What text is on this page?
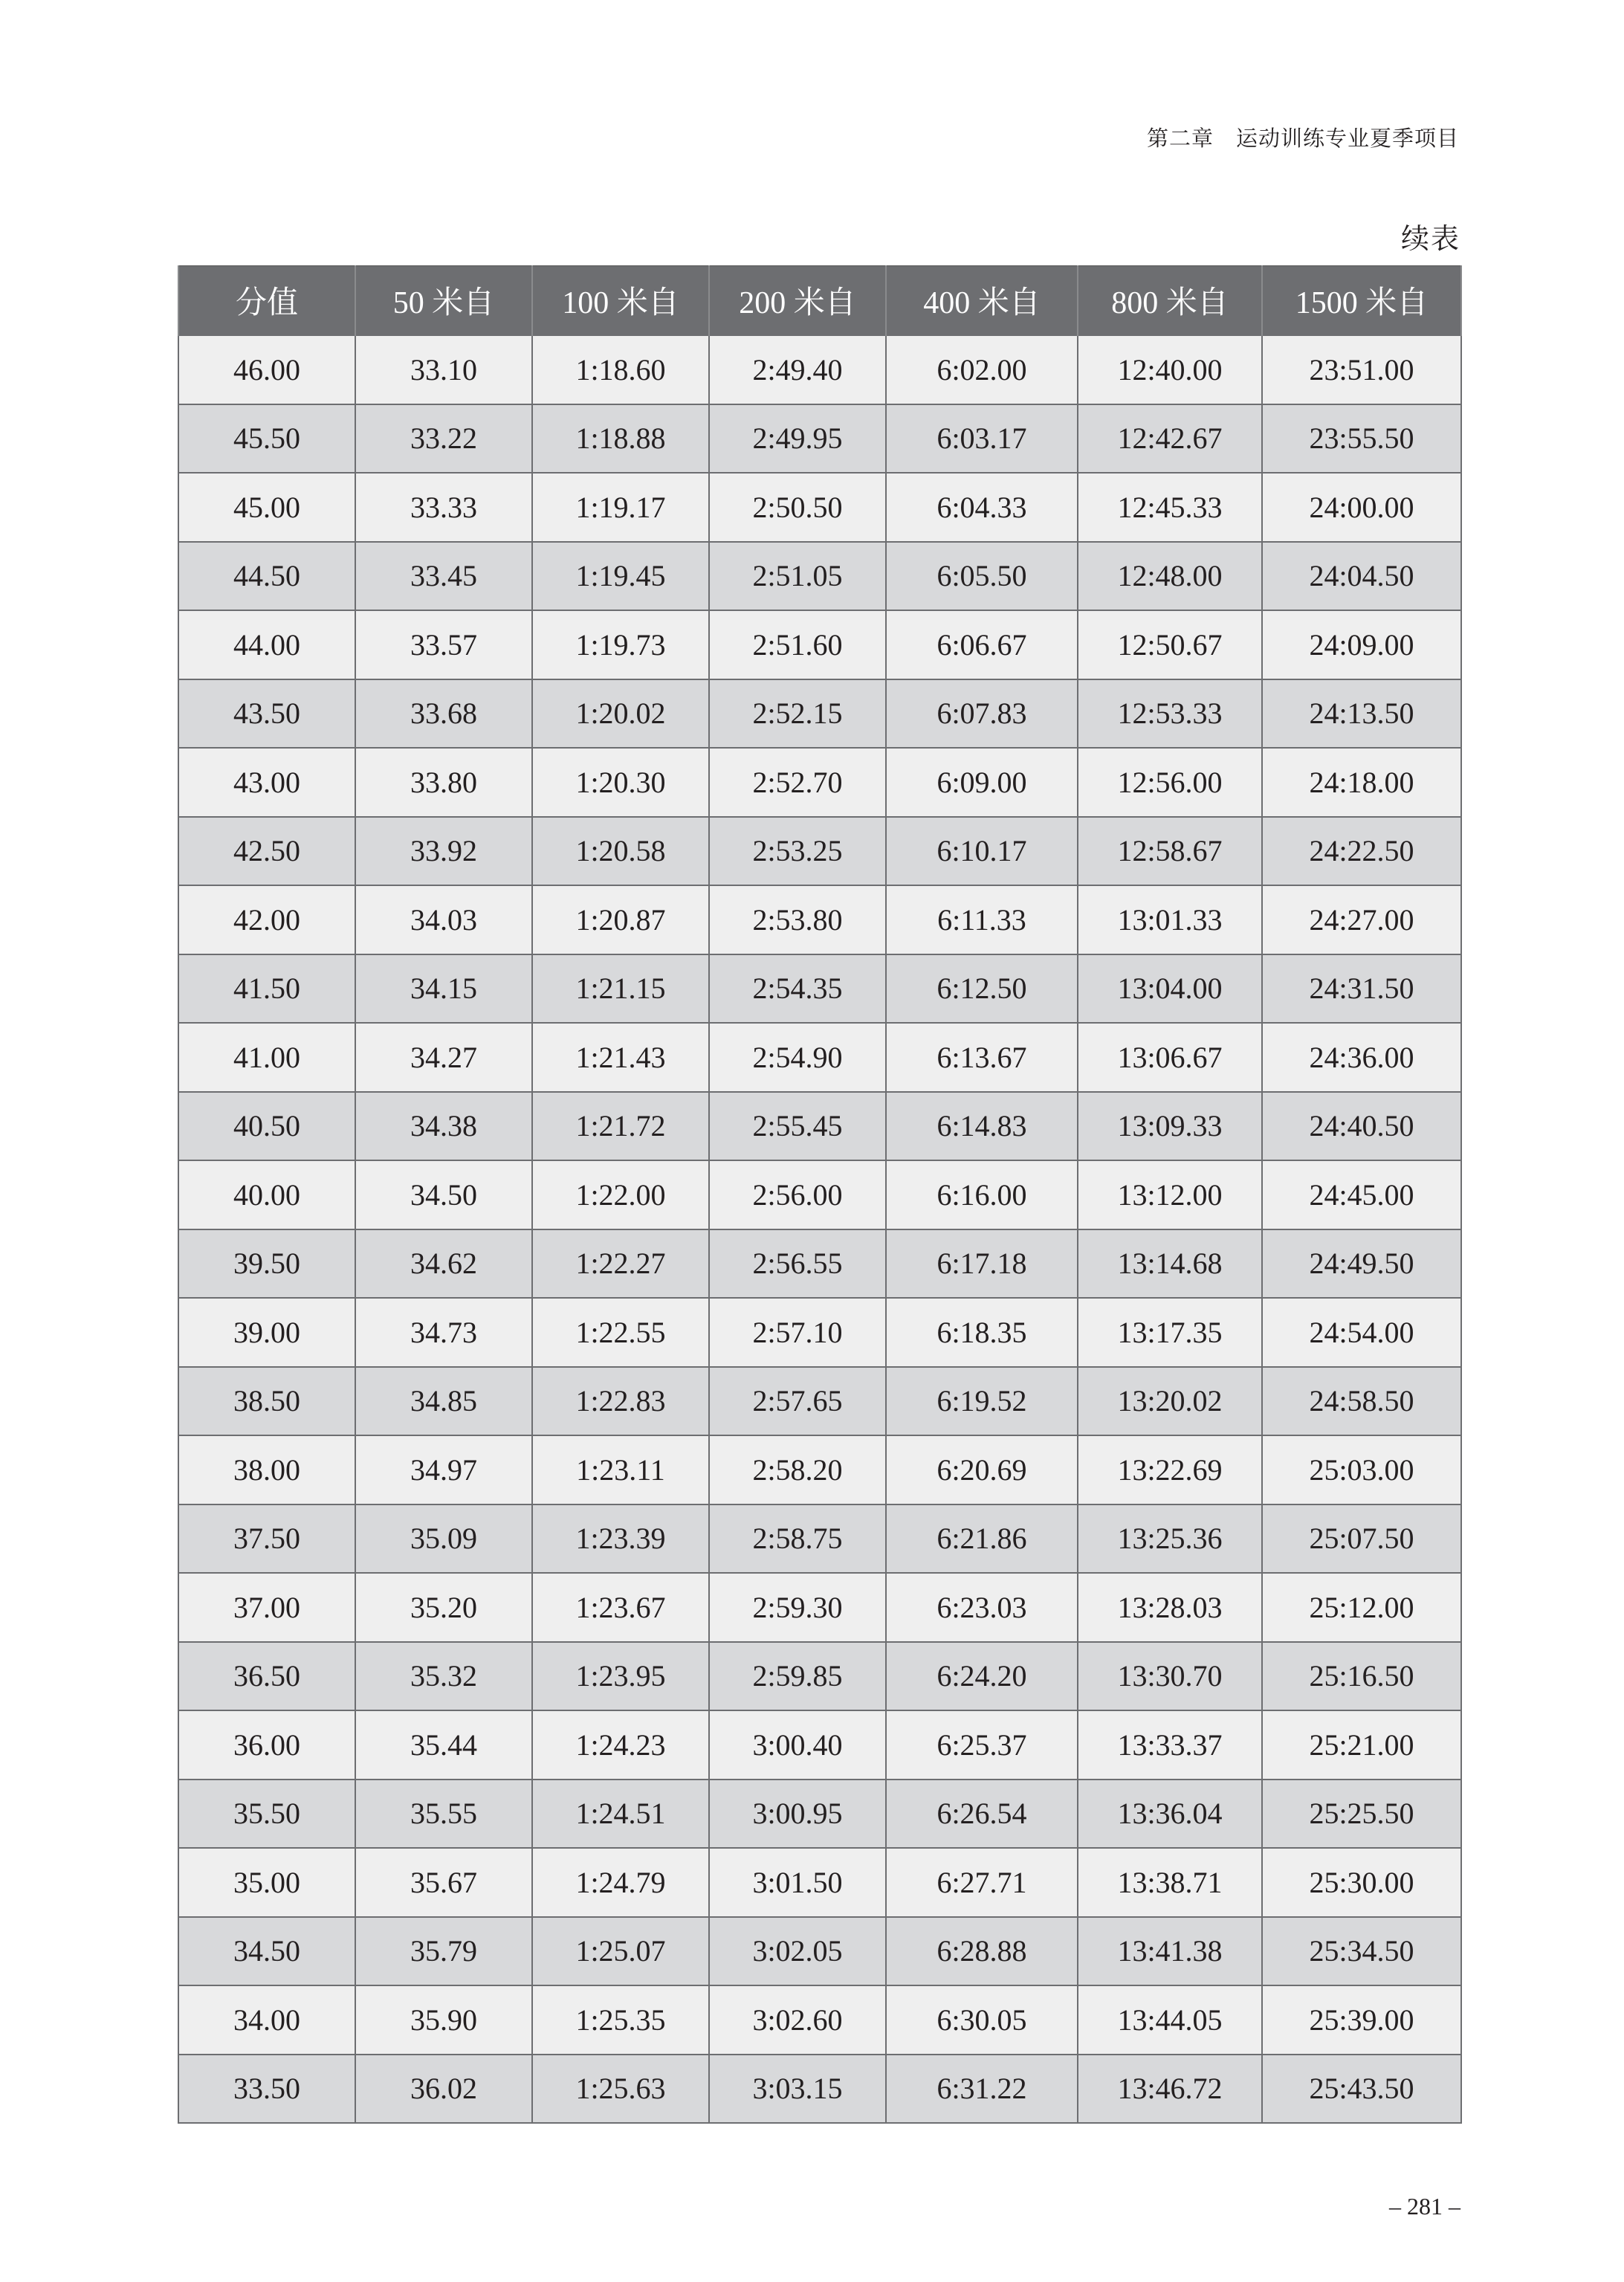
第二章　运动训练专业夏季项目
续表
分值	50 米自	100 米自	200 米自	400 米自	800 米自	1500 米自
46.00	33.10	1:18.60	2:49.40	6:02.00	12:40.00	23:51.00
45.50	33.22	1:18.88	2:49.95	6:03.17	12:42.67	23:55.50
45.00	33.33	1:19.17	2:50.50	6:04.33	12:45.33	24:00.00
44.50	33.45	1:19.45	2:51.05	6:05.50	12:48.00	24:04.50
44.00	33.57	1:19.73	2:51.60	6:06.67	12:50.67	24:09.00
43.50	33.68	1:20.02	2:52.15	6:07.83	12:53.33	24:13.50
43.00	33.80	1:20.30	2:52.70	6:09.00	12:56.00	24:18.00
42.50	33.92	1:20.58	2:53.25	6:10.17	12:58.67	24:22.50
42.00	34.03	1:20.87	2:53.80	6:11.33	13:01.33	24:27.00
41.50	34.15	1:21.15	2:54.35	6:12.50	13:04.00	24:31.50
41.00	34.27	1:21.43	2:54.90	6:13.67	13:06.67	24:36.00
40.50	34.38	1:21.72	2:55.45	6:14.83	13:09.33	24:40.50
40.00	34.50	1:22.00	2:56.00	6:16.00	13:12.00	24:45.00
39.50	34.62	1:22.27	2:56.55	6:17.18	13:14.68	24:49.50
39.00	34.73	1:22.55	2:57.10	6:18.35	13:17.35	24:54.00
38.50	34.85	1:22.83	2:57.65	6:19.52	13:20.02	24:58.50
38.00	34.97	1:23.11	2:58.20	6:20.69	13:22.69	25:03.00
37.50	35.09	1:23.39	2:58.75	6:21.86	13:25.36	25:07.50
37.00	35.20	1:23.67	2:59.30	6:23.03	13:28.03	25:12.00
36.50	35.32	1:23.95	2:59.85	6:24.20	13:30.70	25:16.50
36.00	35.44	1:24.23	3:00.40	6:25.37	13:33.37	25:21.00
35.50	35.55	1:24.51	3:00.95	6:26.54	13:36.04	25:25.50
35.00	35.67	1:24.79	3:01.50	6:27.71	13:38.71	25:30.00
34.50	35.79	1:25.07	3:02.05	6:28.88	13:41.38	25:34.50
34.00	35.90	1:25.35	3:02.60	6:30.05	13:44.05	25:39.00
33.50	36.02	1:25.63	3:03.15	6:31.22	13:46.72	25:43.50
– 281 –
